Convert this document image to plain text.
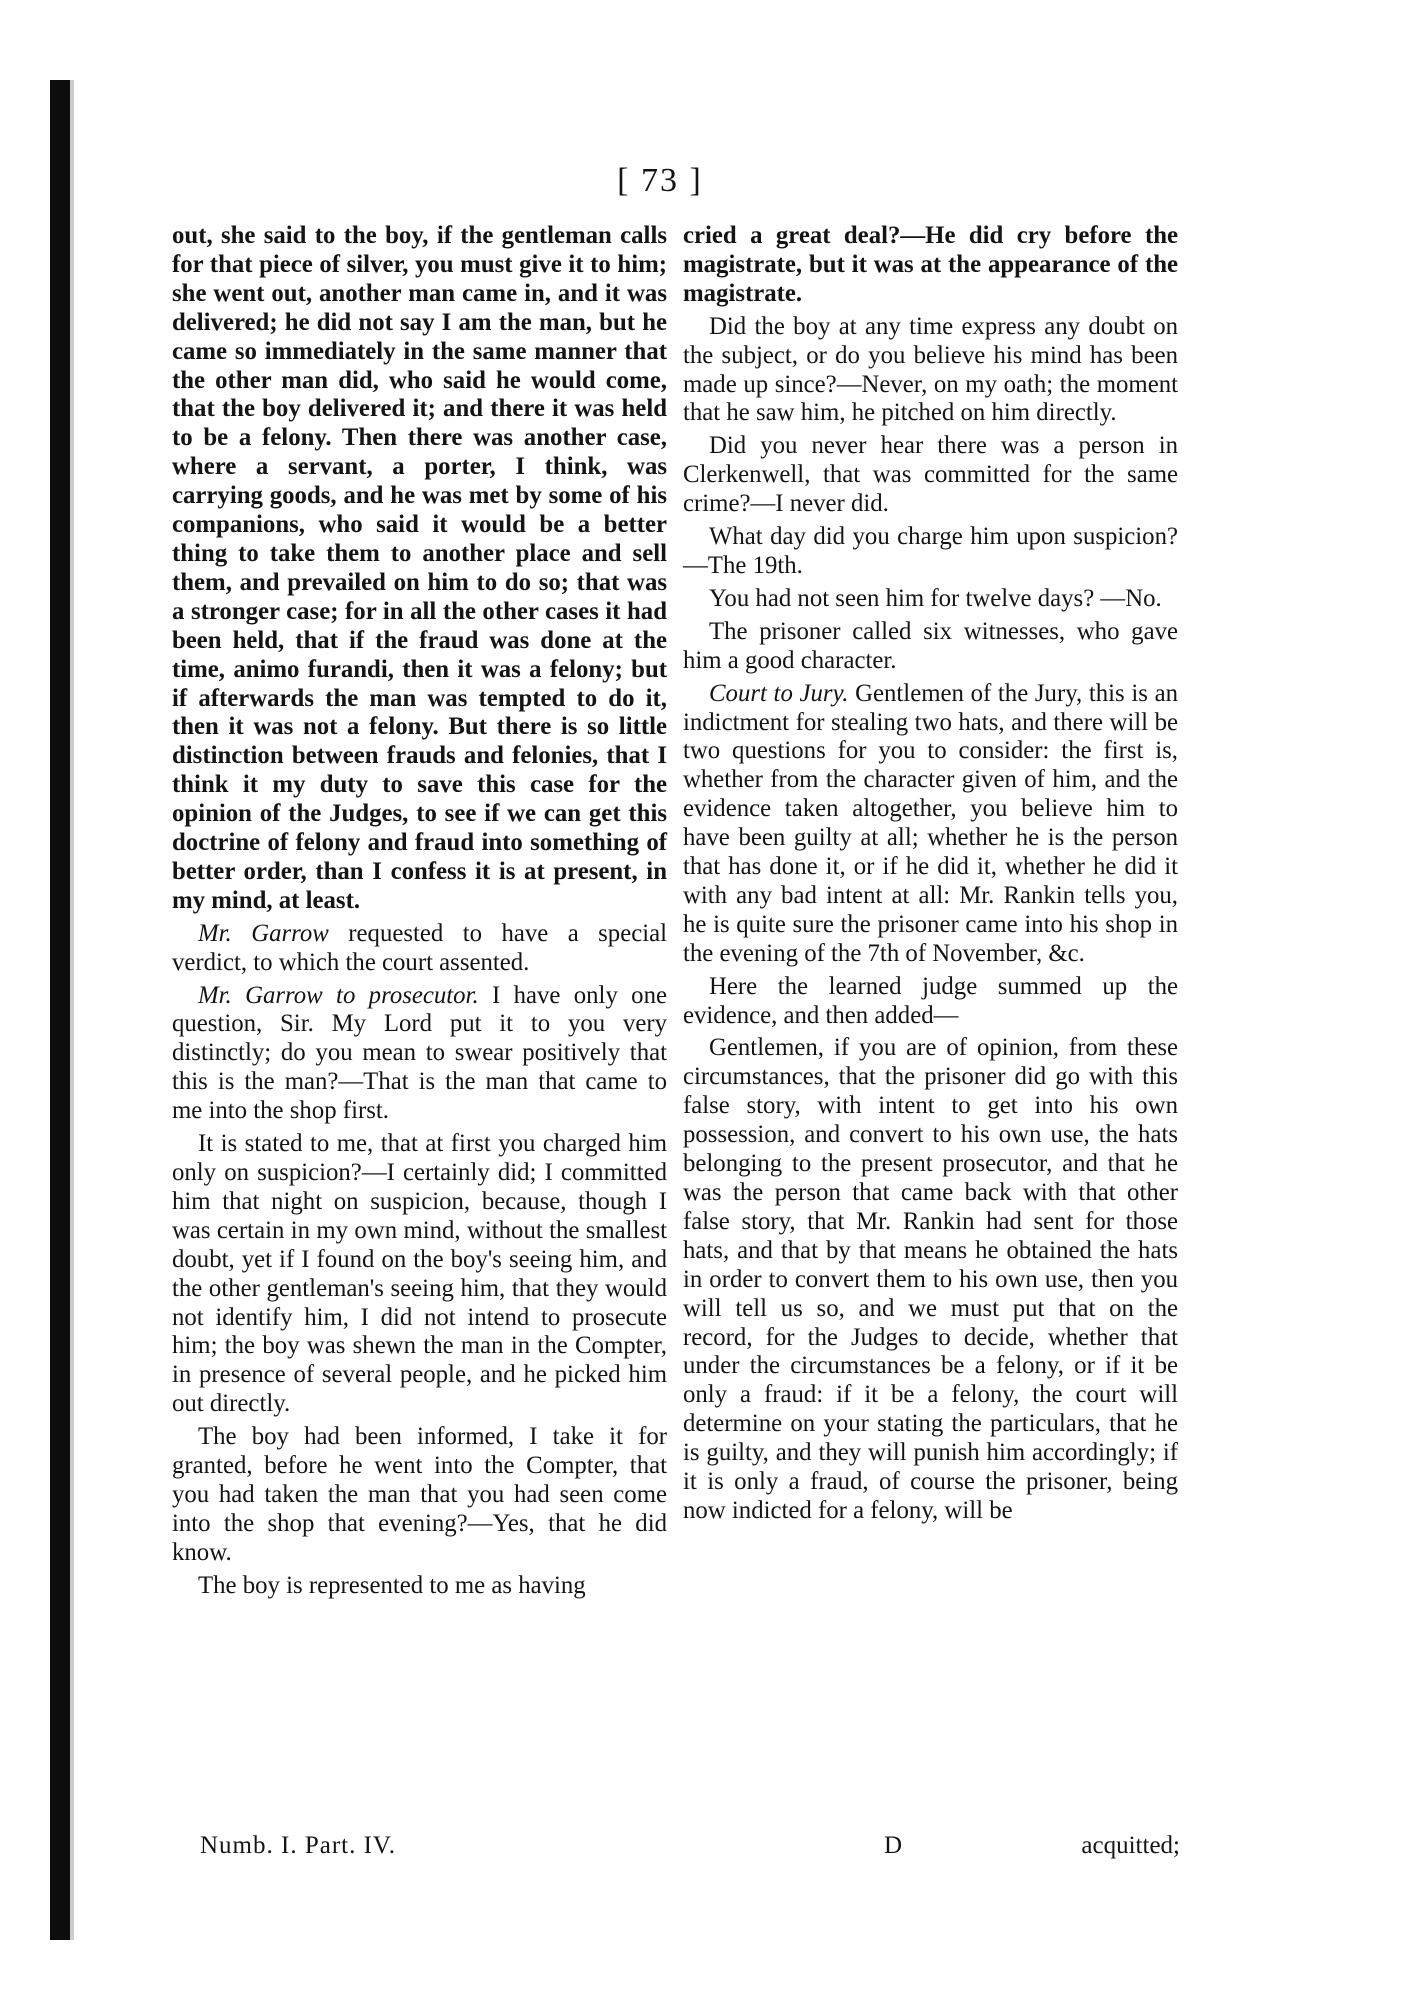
[ 73 ]

out, she said to the boy, if the gentleman calls for that piece of silver, you must give it to him; she went out, another man came in, and it was delivered; he did not say I am the man, but he came so immediately in the same manner that the other man did, who said he would come, that the boy delivered it; and there it was held to be a felony. Then there was another case, where a servant, a porter, I think, was carrying goods, and he was met by some of his companions, who said it would be a better thing to take them to another place and sell them, and prevailed on him to do so; that was a stronger case; for in all the other cases it had been held, that if the fraud was done at the time, animo furandi, then it was a felony; but if afterwards the man was tempted to do it, then it was not a felony. But there is so little distinction between frauds and felonies, that I think it my duty to save this case for the opinion of the Judges, to see if we can get this doctrine of felony and fraud into something of better order, than I confess it is at present, in my mind, at least.

Mr. Garrow requested to have a special verdict, to which the court assented.

Mr. Garrow to prosecutor. I have only one question, Sir. My Lord put it to you very distinctly; do you mean to swear positively that this is the man?—That is the man that came to me into the shop first.

It is stated to me, that at first you charged him only on suspicion?—I certainly did; I committed him that night on suspicion, because, though I was certain in my own mind, without the smallest doubt, yet if I found on the boy's seeing him, and the other gentleman's seeing him, that they would not identify him, I did not intend to prosecute him; the boy was shewn the man in the Compter, in presence of several people, and he picked him out directly.

The boy had been informed, I take it for granted, before he went into the Compter, that you had taken the man that you had seen come into the shop that evening?—Yes, that he did know.

The boy is represented to me as having

cried a great deal?—He did cry before the magistrate, but it was at the appearance of the magistrate.

Did the boy at any time express any doubt on the subject, or do you believe his mind has been made up since?—Never, on my oath; the moment that he saw him, he pitched on him directly.

Did you never hear there was a person in Clerkenwell, that was committed for the same crime?—I never did.

What day did you charge him upon suspicion?—The 19th.

You had not seen him for twelve days? —No.

The prisoner called six witnesses, who gave him a good character.

Court to Jury. Gentlemen of the Jury, this is an indictment for stealing two hats, and there will be two questions for you to consider: the first is, whether from the character given of him, and the evidence taken altogether, you believe him to have been guilty at all; whether he is the person that has done it, or if he did it, whether he did it with any bad intent at all: Mr. Rankin tells you, he is quite sure the prisoner came into his shop in the evening of the 7th of November, &c.

Here the learned judge summed up the evidence, and then added—

Gentlemen, if you are of opinion, from these circumstances, that the prisoner did go with this false story, with intent to get into his own possession, and convert to his own use, the hats belonging to the present prosecutor, and that he was the person that came back with that other false story, that Mr. Rankin had sent for those hats, and that by that means he obtained the hats in order to convert them to his own use, then you will tell us so, and we must put that on the record, for the Judges to decide, whether that under the circumstances be a felony, or if it be only a fraud: if it be a felony, the court will determine on your stating the particulars, that he is guilty, and they will punish him accordingly; if it is only a fraud, of course the prisoner, being now indicted for a felony, will be

Numb. I. Part. IV.	D	acquitted;
